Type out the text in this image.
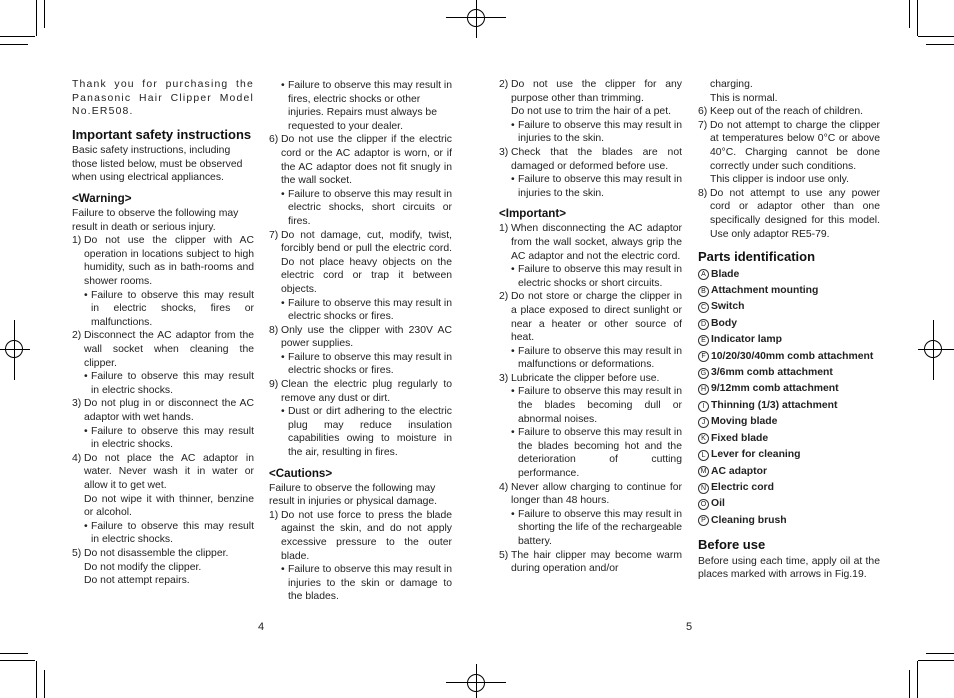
Thank you for purchasing the Panasonic Hair Clipper Model No.ER508.

Important safety instructions

Basic safety instructions, including those listed below, must be observed when using electrical appliances.

<Warning>

Failure to observe the following may result in death or serious injury.

1) Do not use the clipper with AC operation in locations subject to high humidity, such as in bath-rooms and shower rooms.
• Failure to observe this may result in electric shocks, fires or malfunctions.
2) Disconnect the AC adaptor from the wall socket when cleaning the clipper.
• Failure to observe this may result in electric shocks.
3) Do not plug in or disconnect the AC adaptor with wet hands.
• Failure to observe this may result in electric shocks.
4) Do not place the AC adaptor in water. Never wash it in water or allow it to get wet.
Do not wipe it with thinner, benzine or alcohol.
• Failure to observe this may result in electric shocks.
5) Do not disassemble the clipper.
Do not modify the clipper.
Do not attempt repairs.
• Failure to observe this may result in fires, electric shocks or other injuries. Repairs must always be requested to your dealer.
6) Do not use the clipper if the electric cord or the AC adaptor is worn, or if the AC adaptor does not fit snugly in the wall socket.
• Failure to observe this may result in electric shocks, short circuits or fires.
7) Do not damage, cut, modify, twist, forcibly bend or pull the electric cord. Do not place heavy objects on the electric cord or trap it between objects.
• Failure to observe this may result in electric shocks or fires.
8) Only use the clipper with 230V AC power supplies.
• Failure to observe this may result in electric shocks or fires.
9) Clean the electric plug regularly to remove any dust or dirt.
• Dust or dirt adhering to the electric plug may reduce insulation capabilities owing to moisture in the air, resulting in fires.
<Cautions>

Failure to observe the following may result in injuries or physical damage.

1) Do not use force to press the blade against the skin, and do not apply excessive pressure to the outer blade.
• Failure to observe this may result in injuries to the skin or damage to the blades.
2) Do not use the clipper for any purpose other than trimming.
Do not use to trim the hair of a pet.
• Failure to observe this may result in injuries to the skin.
3) Check that the blades are not damaged or deformed before use.
• Failure to observe this may result in injuries to the skin.
<Important>
1) When disconnecting the AC adaptor from the wall socket, always grip the AC adaptor and not the electric cord.
• Failure to observe this may result in electric shocks or short circuits.
2) Do not store or charge the clipper in a place exposed to direct sunlight or near a heater or other source of heat.
• Failure to observe this may result in malfunctions or deformations.
3) Lubricate the clipper before use.
• Failure to observe this may result in the blades becoming dull or abnormal noises.
• Failure to observe this may result in the blades becoming hot and the deterioration of cutting performance.
4) Never allow charging to continue for longer than 48 hours.
• Failure to observe this may result in shorting the life of the rechargeable battery.
5) The hair clipper may become warm during operation and/or
charging.
This is normal.
6) Keep out of the reach of children.
7) Do not attempt to charge the clipper at temperatures below 0°C or above 40°C. Charging cannot be done correctly under such conditions.
This clipper is indoor use only.
8) Do not attempt to use any power cord or adaptor other than one specifically designed for this model. Use only adaptor RE5-79.
Parts identification
A Blade
B Attachment mounting
C Switch
D Body
E Indicator lamp
F 10/20/30/40mm comb attachment
G 3/6mm comb attachment
H 9/12mm comb attachment
I Thinning (1/3) attachment
J Moving blade
K Fixed blade
L Lever for cleaning
M AC adaptor
N Electric cord
O Oil
P Cleaning brush
Before use

Before using each time, apply oil at the places marked with arrows in Fig.19.

4	5
